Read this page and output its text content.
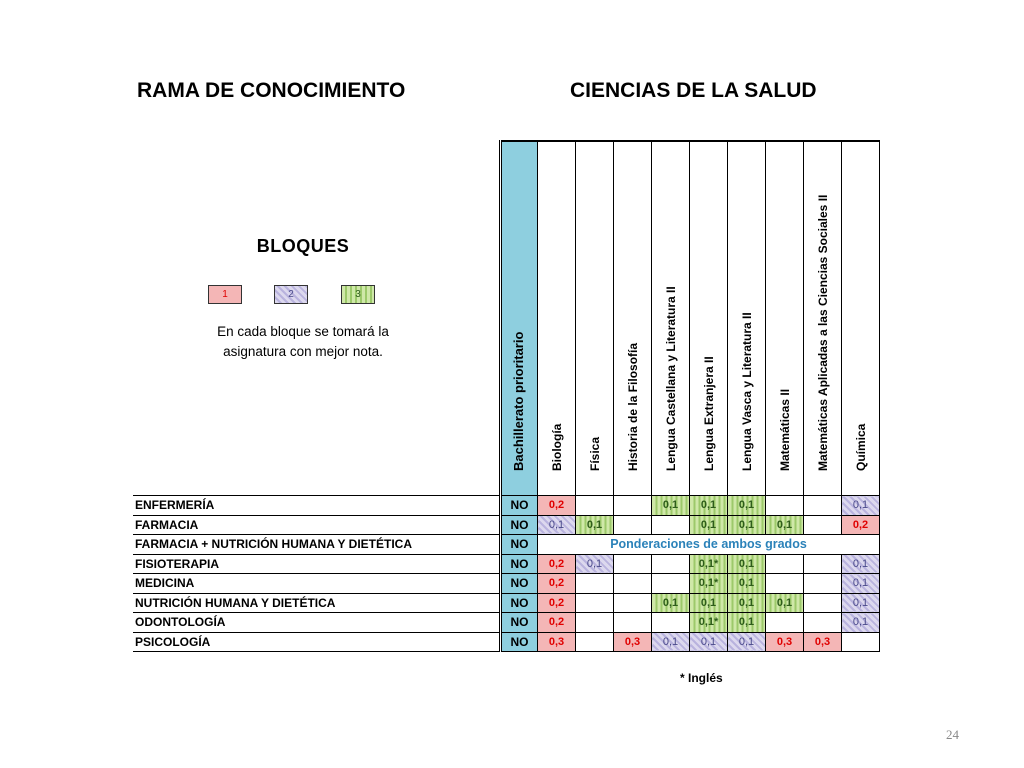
RAMA DE CONOCIMIENTO	CIENCIAS DE LA SALUD
BLOQUES
1	2	3
En cada bloque se tomará la
asignatura con mejor nota.

	Bachillerato prioritario	Biología	Física	Historia de la Filosofía	Lengua Castellana y Literatura II	Lengua Extranjera II	Lengua Vasca y Literatura II	Matemáticas II	Matemáticas Aplicadas a las Ciencias Sociales II	Química

ENFERMERÍA	NO	0,2			0,1	0,1	0,1			0,1
FARMACIA	NO	0,1	0,1			0,1	0,1	0,1		0,2
FARMACIA + NUTRICIÓN HUMANA Y DIETÉTICA	NO	Ponderaciones de ambos grados								
FISIOTERAPIA	NO	0,2	0,1			0,1*	0,1			0,1
MEDICINA	NO	0,2				0,1*	0,1			0,1
NUTRICIÓN HUMANA Y DIETÉTICA	NO	0,2			0,1	0,1	0,1	0,1		0,1
ODONTOLOGÍA	NO	0,2				0,1*	0,1			0,1
PSICOLOGÍA	NO	0,3		0,3	0,1	0,1	0,1	0,3	0,3	
* Inglés
24
